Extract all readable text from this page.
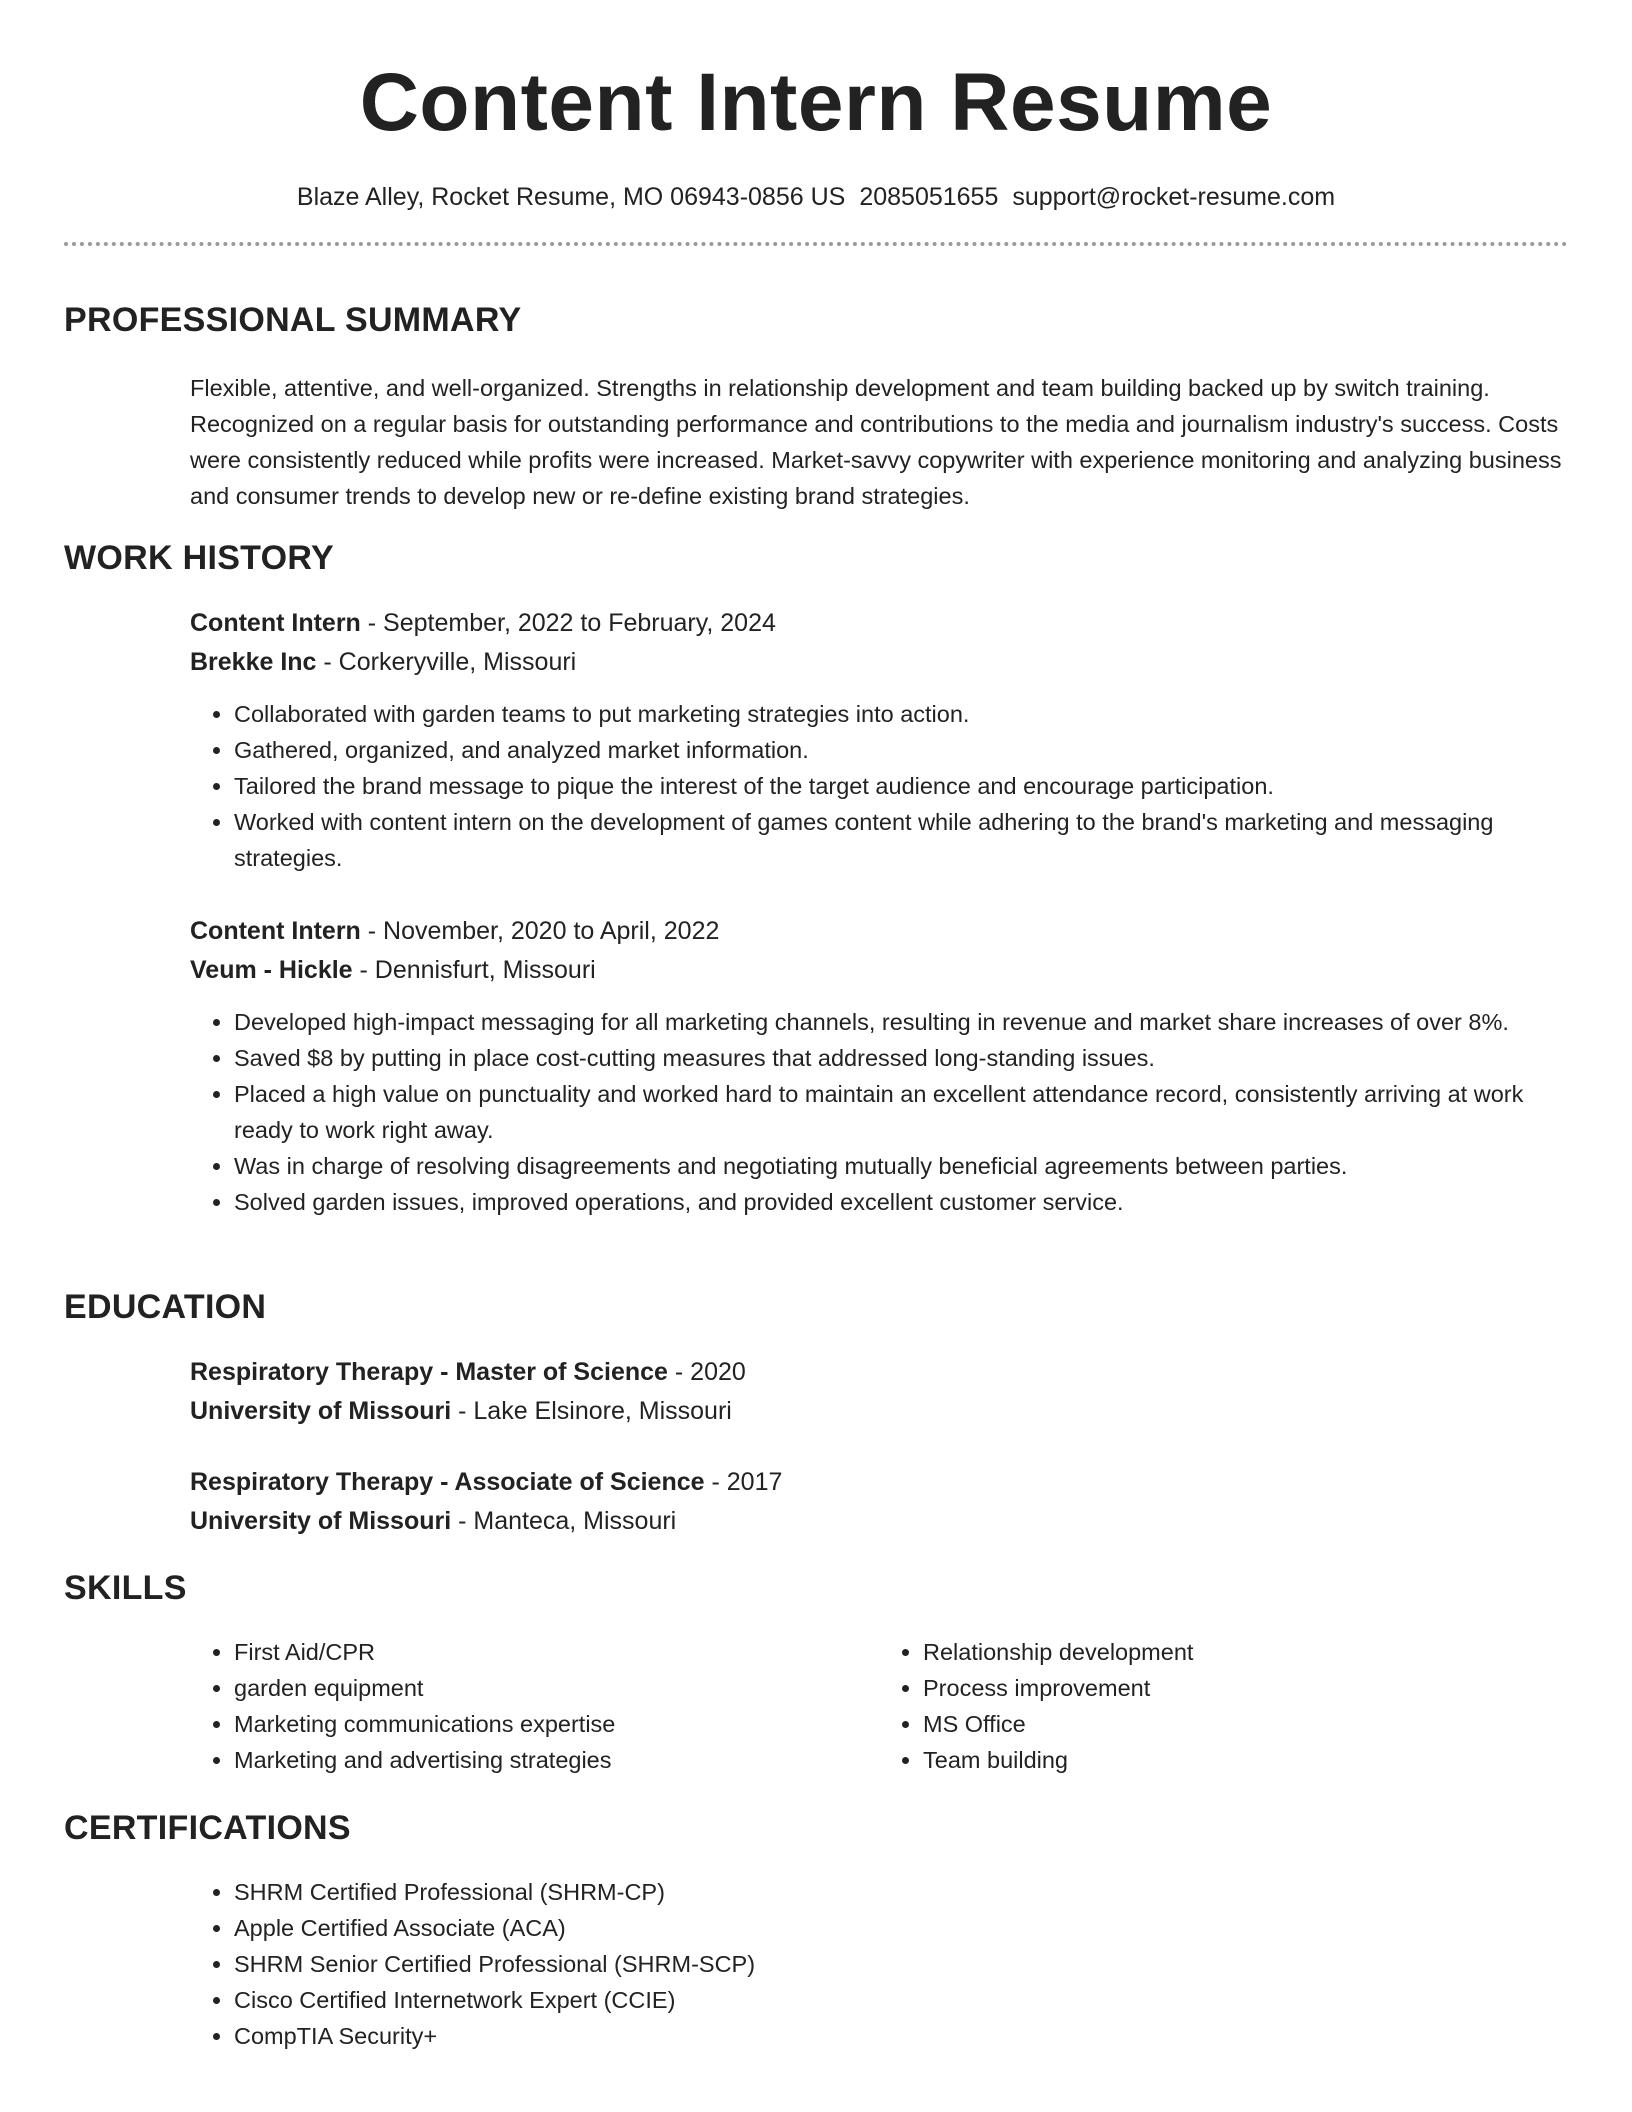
Content Intern Resume
Blaze Alley, Rocket Resume, MO 06943-0856 US 2085051655 support@rocket-resume.com
PROFESSIONAL SUMMARY

Flexible, attentive, and well-organized. Strengths in relationship development and team building backed up by switch training. Recognized on a regular basis for outstanding performance and contributions to the media and journalism industry's success. Costs were consistently reduced while profits were increased. Market-savvy copywriter with experience monitoring and analyzing business and consumer trends to develop new or re-define existing brand strategies.

WORK HISTORY
Content Intern - September, 2022 to February, 2024
Brekke Inc - Corkeryville, Missouri
• Collaborated with garden teams to put marketing strategies into action.
• Gathered, organized, and analyzed market information.
• Tailored the brand message to pique the interest of the target audience and encourage participation.
• Worked with content intern on the development of games content while adhering to the brand's marketing and messaging strategies.
Content Intern - November, 2020 to April, 2022
Veum - Hickle - Dennisfurt, Missouri
• Developed high-impact messaging for all marketing channels, resulting in revenue and market share increases of over 8%.
• Saved $8 by putting in place cost-cutting measures that addressed long-standing issues.
• Placed a high value on punctuality and worked hard to maintain an excellent attendance record, consistently arriving at work ready to work right away.
• Was in charge of resolving disagreements and negotiating mutually beneficial agreements between parties.
• Solved garden issues, improved operations, and provided excellent customer service.
EDUCATION
Respiratory Therapy - Master of Science - 2020
University of Missouri - Lake Elsinore, Missouri
Respiratory Therapy - Associate of Science - 2017
University of Missouri - Manteca, Missouri
SKILLS
• First Aid/CPR
• garden equipment
• Marketing communications expertise
• Marketing and advertising strategies
• Relationship development
• Process improvement
• MS Office
• Team building
CERTIFICATIONS
• SHRM Certified Professional (SHRM-CP)
• Apple Certified Associate (ACA)
• SHRM Senior Certified Professional (SHRM-SCP)
• Cisco Certified Internetwork Expert (CCIE)
• CompTIA Security+
